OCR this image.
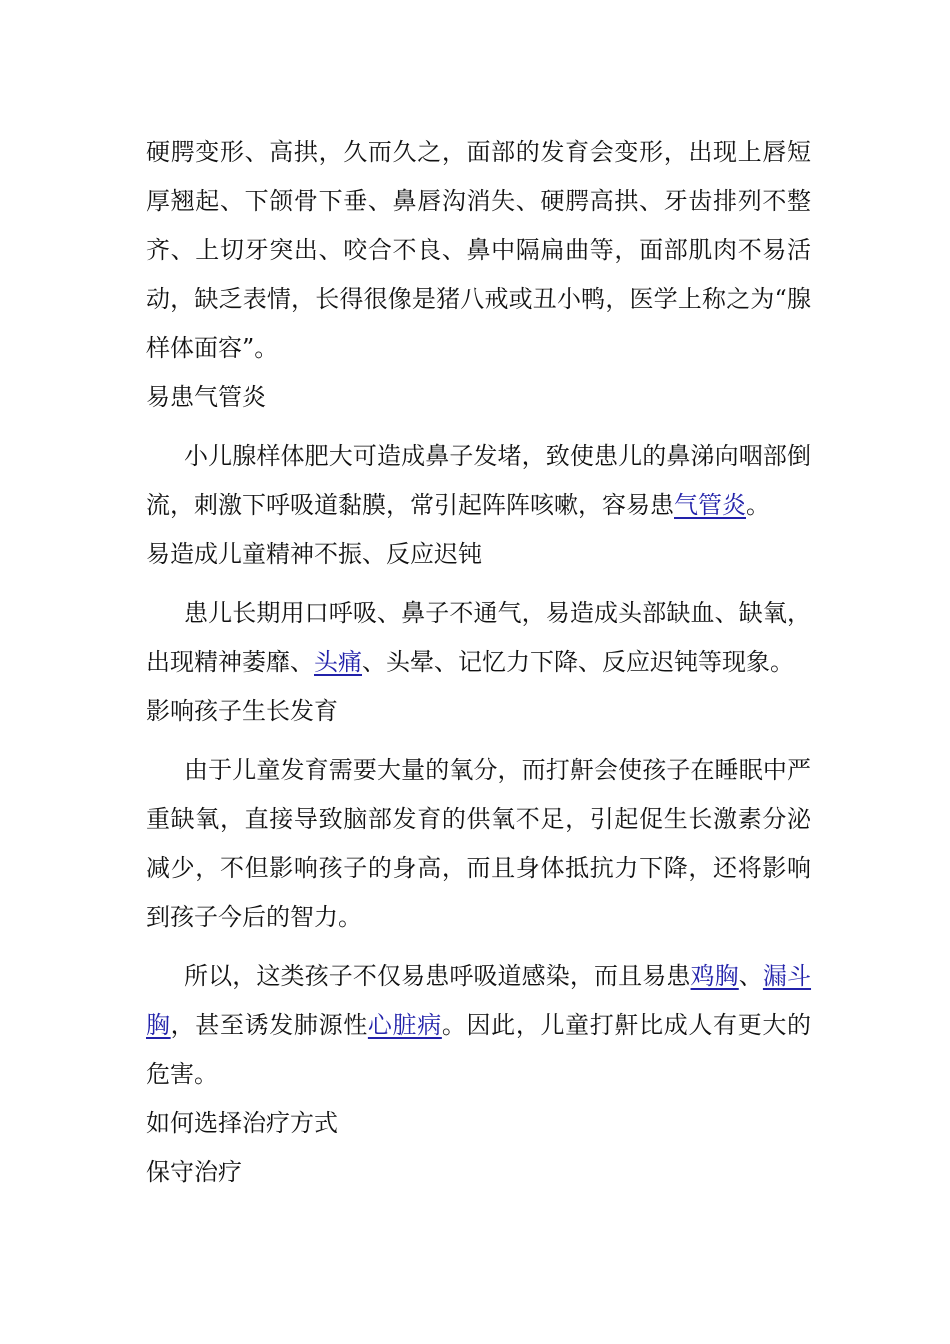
硬腭变形、高拱，久而久之，面部的发育会变形，出现上唇短厚翘起、下颌骨下垂、鼻唇沟消失、硬腭高拱、牙齿排列不整齐、上切牙突出、咬合不良、鼻中隔扁曲等，面部肌肉不易活动，缺乏表情，长得很像是猪八戒或丑小鸭，医学上称之为“腺样体面容”。

易患气管炎

小儿腺样体肥大可造成鼻子发堵，致使患儿的鼻涕向咽部倒流，刺激下呼吸道黏膜，常引起阵阵咳嗽，容易患气管炎。

易造成儿童精神不振、反应迟钝

患儿长期用口呼吸、鼻子不通气，易造成头部缺血、缺氧，出现精神萎靡、头痛、头晕、记忆力下降、反应迟钝等现象。

影响孩子生长发育

由于儿童发育需要大量的氧分，而打鼾会使孩子在睡眠中严重缺氧，直接导致脑部发育的供氧不足，引起促生长激素分泌减少，不但影响孩子的身高，而且身体抵抗力下降，还将影响到孩子今后的智力。

所以，这类孩子不仅易患呼吸道感染，而且易患鸡胸、漏斗胸，甚至诱发肺源性心脏病。因此，儿童打鼾比成人有更大的危害。

如何选择治疗方式

保守治疗
